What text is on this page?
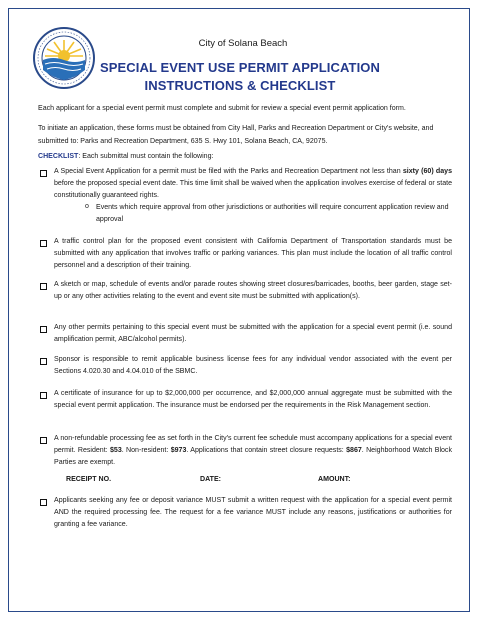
City of Solana Beach
SPECIAL EVENT USE PERMIT APPLICATION
INSTRUCTIONS & CHECKLIST
Each applicant for a special event permit must complete and submit for review a special event permit application form.
To initiate an application, these forms must be obtained from City Hall, Parks and Recreation Department or City's website, and submitted to: Parks and Recreation Department, 635 S. Hwy 101, Solana Beach, CA, 92075.
CHECKLIST: Each submittal must contain the following:
A Special Event Application for a permit must be filed with the Parks and Recreation Department not less than sixty (60) days before the proposed special event date. This time limit shall be waived when the application involves exercise of federal or state constitutionally guaranteed rights.
o Events which require approval from other jurisdictions or authorities will require concurrent application review and approval
A traffic control plan for the proposed event consistent with California Department of Transportation standards must be submitted with any application that involves traffic or parking variances. This plan must include the location of all traffic control personnel and a description of their training.
A sketch or map, schedule of events and/or parade routes showing street closures/barricades, booths, beer garden, stage set-up or any other activities relating to the event and event site must be submitted with application(s).
Any other permits pertaining to this special event must be submitted with the application for a special event permit (i.e. sound amplification permit, ABC/alcohol permits).
Sponsor is responsible to remit applicable business license fees for any individual vendor associated with the event per Sections 4.020.30 and 4.04.010 of the SBMC.
A certificate of insurance for up to $2,000,000 per occurrence, and $2,000,000 annual aggregate must be submitted with the special event permit application. The insurance must be endorsed per the requirements in the Risk Management section.
A non-refundable processing fee as set forth in the City's current fee schedule must accompany applications for a special event permit. Resident: $53. Non-resident: $973. Applications that contain street closure requests: $867. Neighborhood Watch Block Parties are exempt.
RECEIPT NO.	DATE:	AMOUNT:
Applicants seeking any fee or deposit variance MUST submit a written request with the application for a special event permit AND the required processing fee. The request for a fee variance MUST include any reasons, justifications or authorities for granting a fee variance.
